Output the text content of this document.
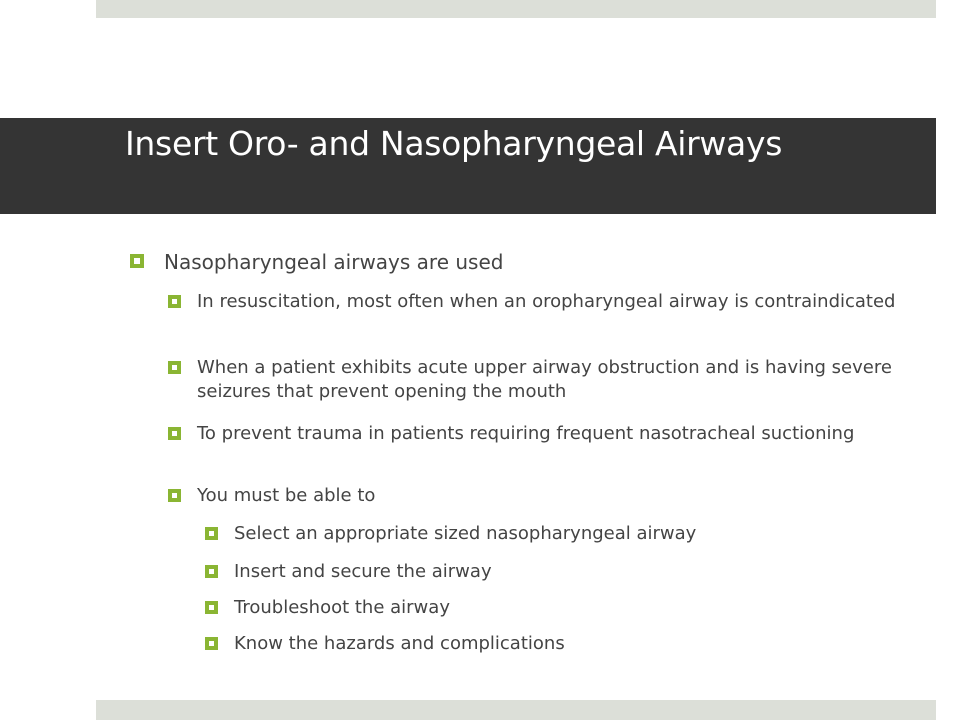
Insert Oro- and Nasopharyngeal Airways
Nasopharyngeal airways are used
In resuscitation, most often when an oropharyngeal airway is contraindicated
When a patient exhibits acute upper airway obstruction and is having severe seizures that prevent opening the mouth
To prevent trauma in patients requiring frequent nasotracheal suctioning
You must be able to
Select an appropriate sized nasopharyngeal airway
Insert and secure the airway
Troubleshoot the airway
Know the hazards and complications
